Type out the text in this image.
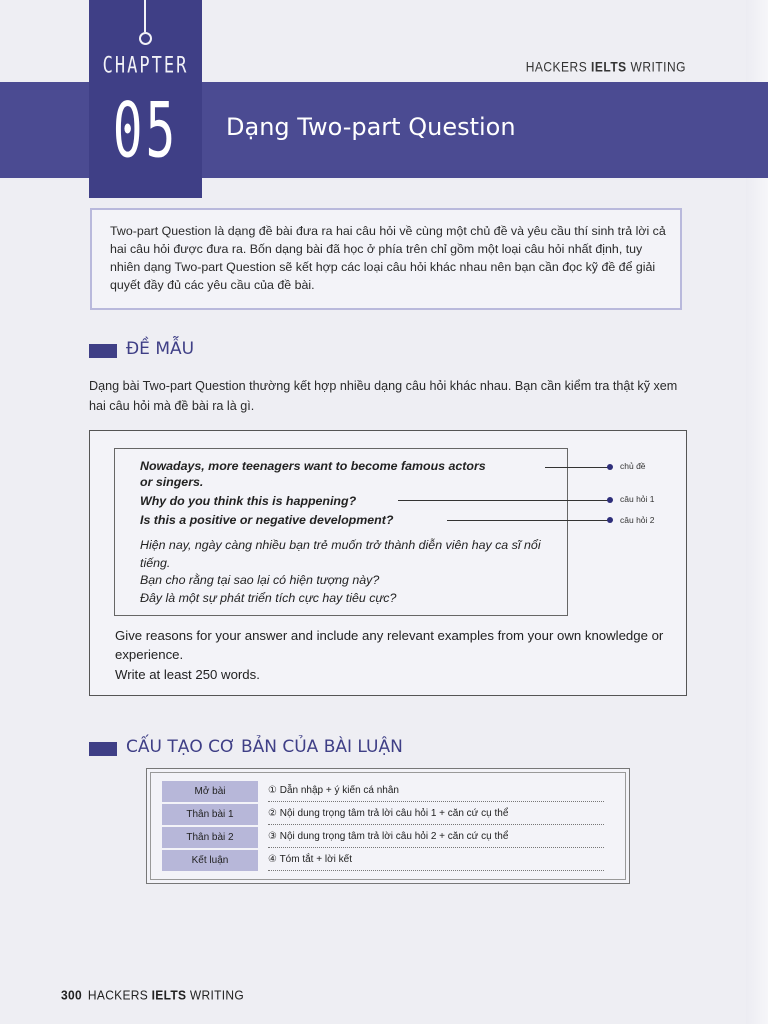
CHAPTER
05	Dạng Two-part Question
HACKERS IELTS WRITING
Two-part Question là dạng đề bài đưa ra hai câu hỏi về cùng một chủ đề và yêu cầu thí sinh trả lời cả hai câu hỏi được đưa ra. Bốn dạng bài đã học ở phía trên chỉ gồm một loại câu hỏi nhất định, tuy nhiên dạng Two-part Question sẽ kết hợp các loại câu hỏi khác nhau nên bạn cần đọc kỹ đề để giải quyết đầy đủ các yêu cầu của đề bài.
ĐỀ MẪU
Dạng bài Two-part Question thường kết hợp nhiều dạng câu hỏi khác nhau. Bạn cần kiểm tra thật kỹ xem hai câu hỏi mà đề bài ra là gì.
Nowadays, more teenagers want to become famous actors
or singers.
Why do you think this is happening?
Is this a positive or negative development?
Hiện nay, ngày càng nhiều bạn trẻ muốn trở thành diễn viên hay ca sĩ nổi tiếng.
Bạn cho rằng tại sao lại có hiện tượng này?
Đây là một sự phát triển tích cực hay tiêu cực?
chủ đề
câu hỏi 1
câu hỏi 2

Give reasons for your answer and include any relevant examples from your own knowledge or experience.

Write at least 250 words.

CẤU TẠO CƠ BẢN CỦA BÀI LUẬN
Mở bài	① Dẫn nhập + ý kiến cá nhân
Thân bài 1	② Nội dung trọng tâm trả lời câu hỏi 1 + căn cứ cụ thể
Thân bài 2	③ Nội dung trọng tâm trả lời câu hỏi 2 + căn cứ cụ thể
Kết luận	④ Tóm tắt + lời kết
300 HACKERS IELTS WRITING
